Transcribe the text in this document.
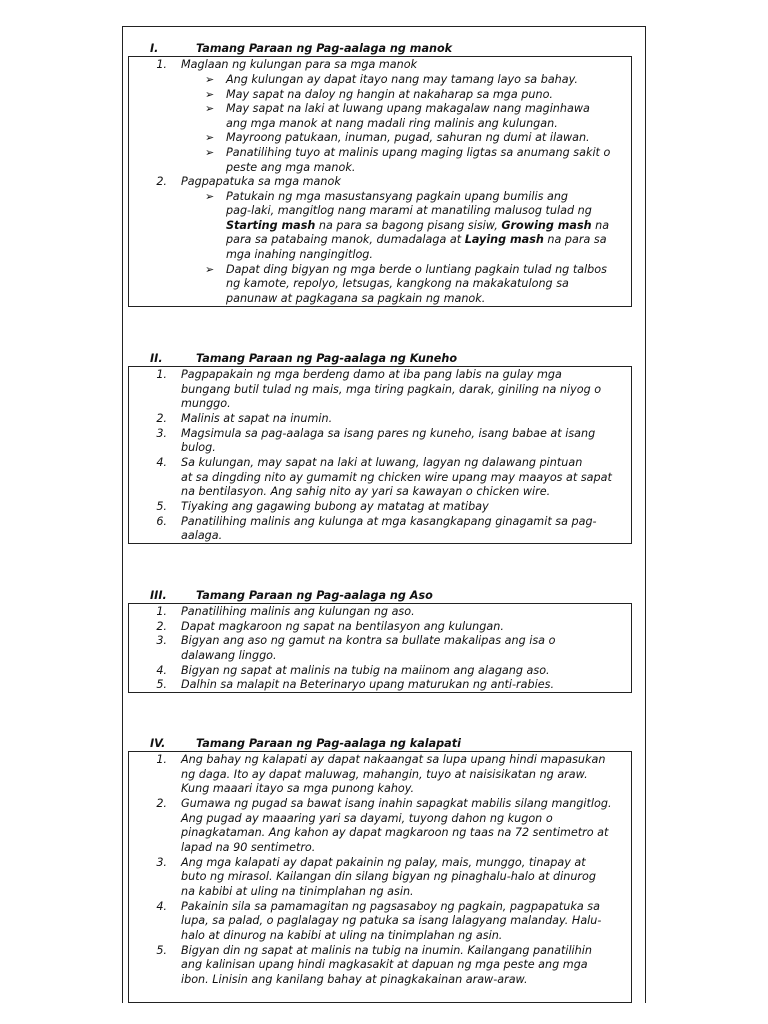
I.	Tamang Paraan ng Pag-aalaga ng manok
1. Maglaan ng kulungan para sa mga manok
➢ Ang kulungan ay dapat itayo nang may tamang layo sa bahay.
➢ May sapat na daloy ng hangin at nakaharap sa mga puno.
➢ May sapat na laki at luwang upang makagalaw nang maginhawa
ang mga manok at nang madali ring malinis ang kulungan.
➢ Mayroong patukaan, inuman, pugad, sahuran ng dumi at ilawan.
➢ Panatilihing tuyo at malinis upang maging ligtas sa anumang sakit o
peste ang mga manok.
2. Pagpapatuka sa mga manok
➢ Patukain ng mga masustansyang pagkain upang bumilis ang
pag-laki, mangitlog nang marami at manatiling malusog tulad ng
Starting mash na para sa bagong pisang sisiw, Growing mash na
para sa patabaing manok, dumadalaga at Laying mash na para sa
mga inahing nangingitlog.
➢ Dapat ding bigyan ng mga berde o luntiang pagkain tulad ng talbos
ng kamote, repolyo, letsugas, kangkong na makakatulong sa
panunaw at pagkagana sa pagkain ng manok.
II.	Tamang Paraan ng Pag-aalaga ng Kuneho
1. Pagpapakain ng mga berdeng damo at iba pang labis na gulay mga
bungang butil tulad ng mais, mga tiring pagkain, darak, giniling na niyog o
munggo.
2. Malinis at sapat na inumin.
3. Magsimula sa pag-aalaga sa isang pares ng kuneho, isang babae at isang
bulog.
4. Sa kulungan, may sapat na laki at luwang, lagyan ng dalawang pintuan
at sa dingding nito ay gumamit ng chicken wire upang may maayos at sapat
na bentilasyon. Ang sahig nito ay yari sa kawayan o chicken wire.
5. Tiyaking ang gagawing bubong ay matatag at matibay
6. Panatilihing malinis ang kulunga at mga kasangkapang ginagamit sa pag-
aalaga.
III.	Tamang Paraan ng Pag-aalaga ng Aso
1. Panatilihing malinis ang kulungan ng aso.
2. Dapat magkaroon ng sapat na bentilasyon ang kulungan.
3. Bigyan ang aso ng gamut na kontra sa bullate makalipas ang isa o
dalawang linggo.
4. Bigyan ng sapat at malinis na tubig na maiinom ang alagang aso.
5. Dalhin sa malapit na Beterinaryo upang maturukan ng anti-rabies.
IV.	Tamang Paraan ng Pag-aalaga ng kalapati
1. Ang bahay ng kalapati ay dapat nakaangat sa lupa upang hindi mapasukan
ng daga. Ito ay dapat maluwag, mahangin, tuyo at naisisikatan ng araw.
Kung maaari itayo sa mga punong kahoy.
2. Gumawa ng pugad sa bawat isang inahin sapagkat mabilis silang mangitlog.
Ang pugad ay maaaring yari sa dayami, tuyong dahon ng kugon o
pinagkataman. Ang kahon ay dapat magkaroon ng taas na 72 sentimetro at
lapad na 90 sentimetro.
3. Ang mga kalapati ay dapat pakainin ng palay, mais, munggo, tinapay at
buto ng mirasol. Kailangan din silang bigyan ng pinaghalu-halo at dinurog
na kabibi at uling na tinimplahan ng asin.
4. Pakainin sila sa pamamagitan ng pagsasaboy ng pagkain, pagpapatuka sa
lupa, sa palad, o paglalagay ng patuka sa isang lalagyang malanday. Halu-
halo at dinurog na kabibi at uling na tinimplahan ng asin.
5. Bigyan din ng sapat at malinis na tubig na inumin. Kailangang panatilihin
ang kalinisan upang hindi magkasakit at dapuan ng mga peste ang mga
ibon. Linisin ang kanilang bahay at pinagkakainan araw-araw.
